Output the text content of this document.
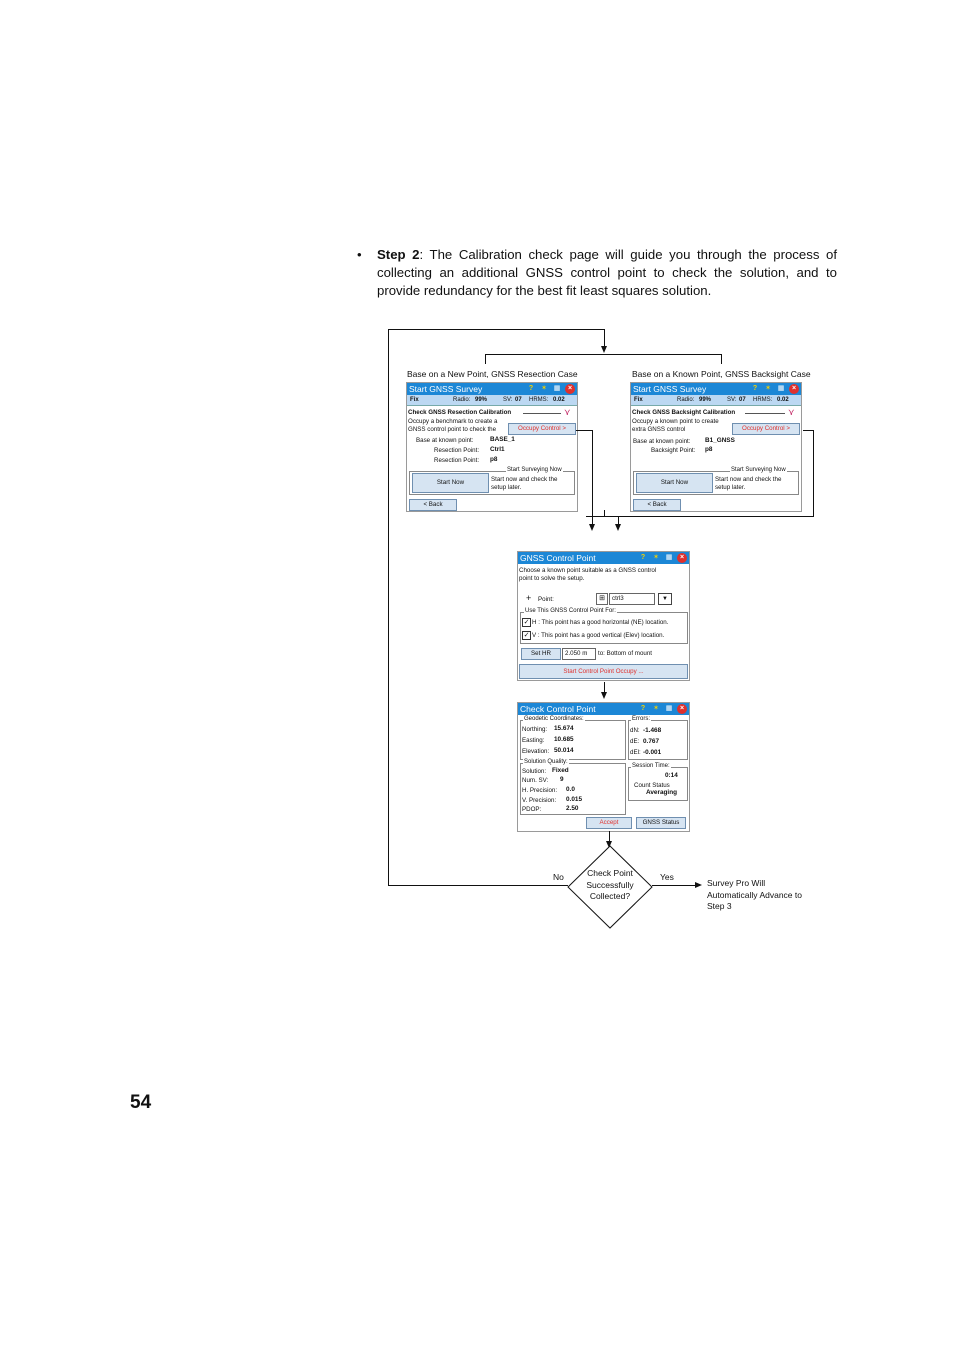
• Step 2: The Calibration check page will guide you through the process of collecting an additional GNSS control point to check the solution, and to provide redundancy for the best fit least squares solution.
Base on a New Point, GNSS Resection Case	Base on a Known Point, GNSS Backsight Case
Start GNSS Survey	?	✶ ▦	×
Fix	Radio: 99%	SV: 07 HRMS: 0.02
Check GNSS Resection Calibration	⋎
Occupy a benchmark to create a
GNSS control point to check the	Occupy Control >
Base at known point:	BASE_1
Resection Point: Ctrl1
Resection Point: p8
Start Surveying Now
Start Now	Start now and check the setup later.
< Back
Start GNSS Survey	?	✶ ▦	×
Fix	Radio: 99%	SV: 07 HRMS: 0.02
Check GNSS Backsight Calibration	⋎
Occupy a known point to create
extra GNSS control	Occupy Control >
Base at known point: B1_GNSS
Backsight Point: p8
Start Surveying Now
Start Now	Start now and check the setup later.
< Back
GNSS Control Point	?	✶ ▦	×
Choose a known point suitable as a GNSS control
point to solve the setup.
+ Point:	⊞	ctrl3	▼
Use This GNSS Control Point For:
✓ H : This point has a good horizontal (NE) location.
✓ V : This point has a good vertical (Elev) location.
Set HR	2.050 m	to: Bottom of mount
Start Control Point Occupy ...
Check Control Point	?	✶ ▦	×
Geodetic Coordinates:
Northing: 15.674
Easting: 10.685
Elevation: 50.014
Errors:
dN: -1.468
dE: 0.767
dEl: -0.001
Solution Quality:
Solution: Fixed
Num. SV: 9
H. Precision: 0.0
V. Precision: 0.015
PDOP:	2.50
Session Time:
0:14
Count Status
Averaging
Accept	GNSS Status
Check Point Successfully Collected?
No	Yes
Survey Pro Will Automatically Advance to Step 3
54
